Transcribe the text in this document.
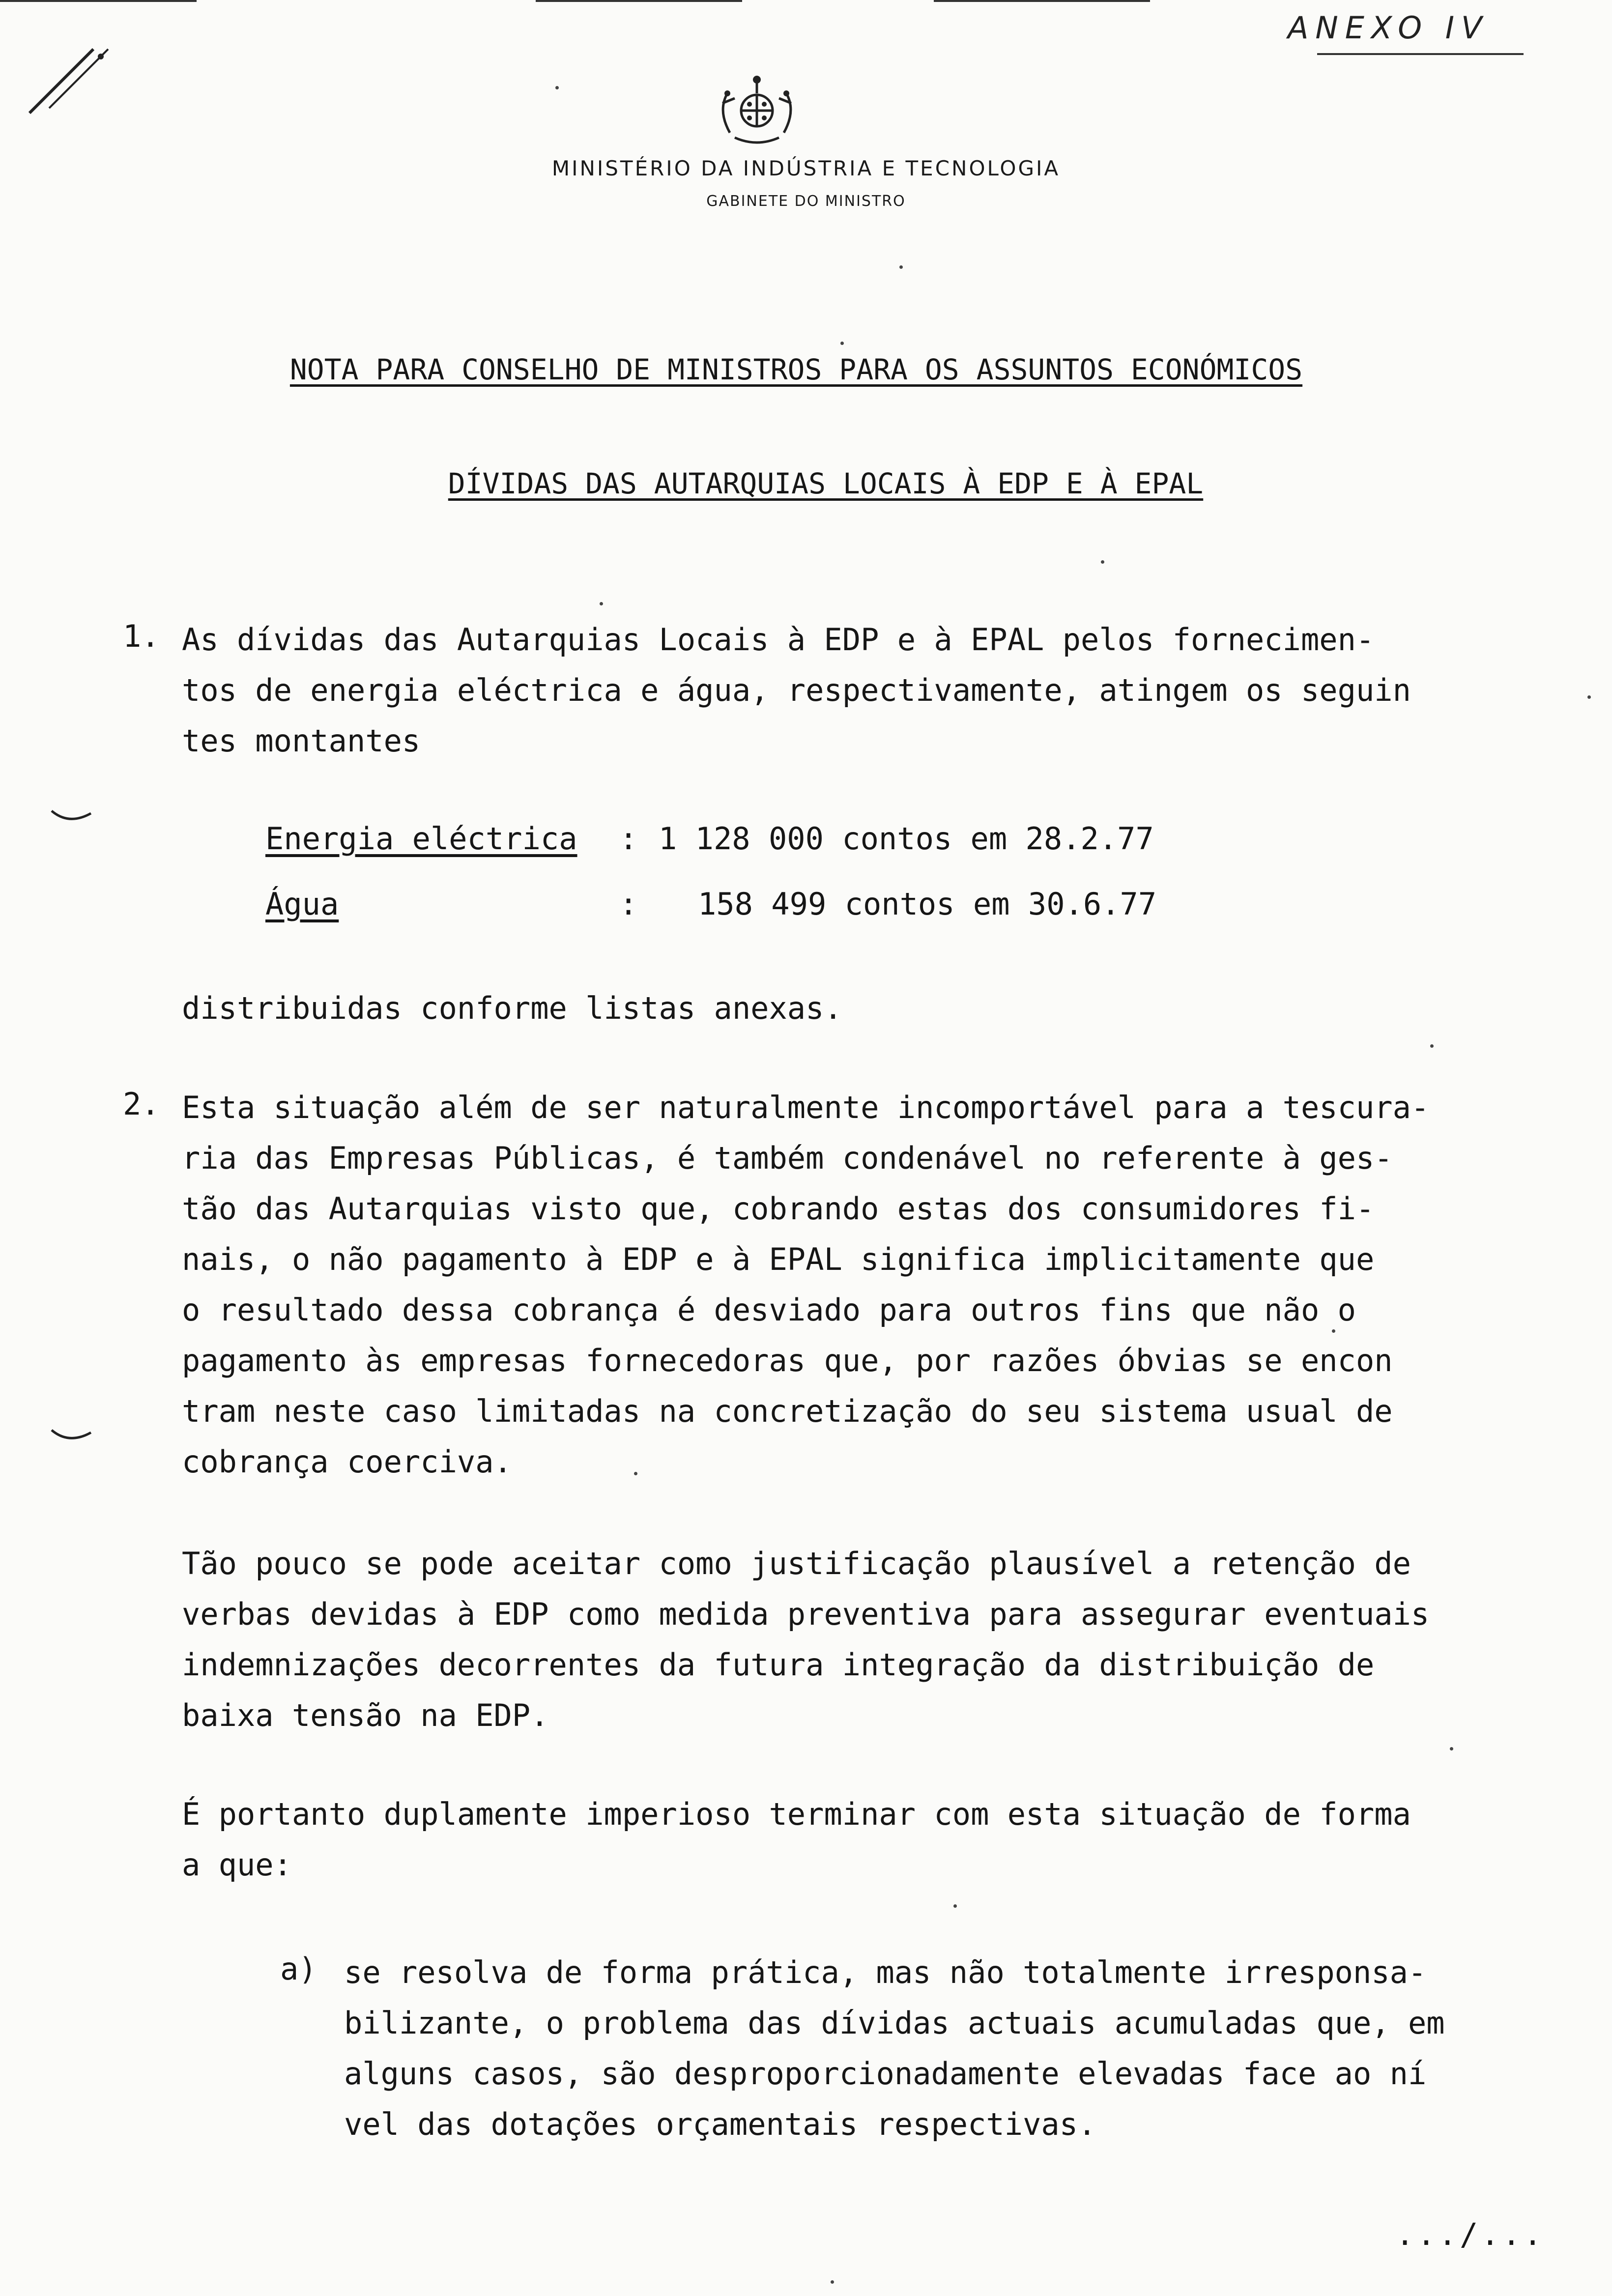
ANEXO IV
MINISTÉRIO DA INDÚSTRIA E TECNOLOGIA
GABINETE DO MINISTRO
NOTA PARA CONSELHO DE MINISTROS PARA OS ASSUNTOS ECONÓMICOS
DÍVIDAS DAS AUTARQUIAS LOCAIS À EDP E À EPAL
1. As dívidas das Autarquias Locais à EDP e à EPAL pelos fornecimen-
tos de energia eléctrica e água, respectivamente, atingem os seguin
tes montantes
Energia eléctrica : 1 128 000 contos em 28.2.77
Água	: 158 499 contos em 30.6.77
distribuidas conforme listas anexas.
2. Esta situação além de ser naturalmente incomportável para a tescura-
ria das Empresas Públicas, é também condenável no referente à ges-
tão das Autarquias visto que, cobrando estas dos consumidores fi-
nais, o não pagamento à EDP e à EPAL significa implicitamente que
o resultado dessa cobrança é desviado para outros fins que não o
pagamento às empresas fornecedoras que, por razões óbvias se encon
tram neste caso limitadas na concretização do seu sistema usual de
cobrança coerciva.
Tão pouco se pode aceitar como justificação plausível a retenção de
verbas devidas à EDP como medida preventiva para assegurar eventuais
indemnizações decorrentes da futura integração da distribuição de
baixa tensão na EDP.
É portanto duplamente imperioso terminar com esta situação de forma
a que:
a) se resolva de forma prática, mas não totalmente irresponsa-
bilizante, o problema das dívidas actuais acumuladas que, em
alguns casos, são desproporcionadamente elevadas face ao ní
vel das dotações orçamentais respectivas.
.../...
